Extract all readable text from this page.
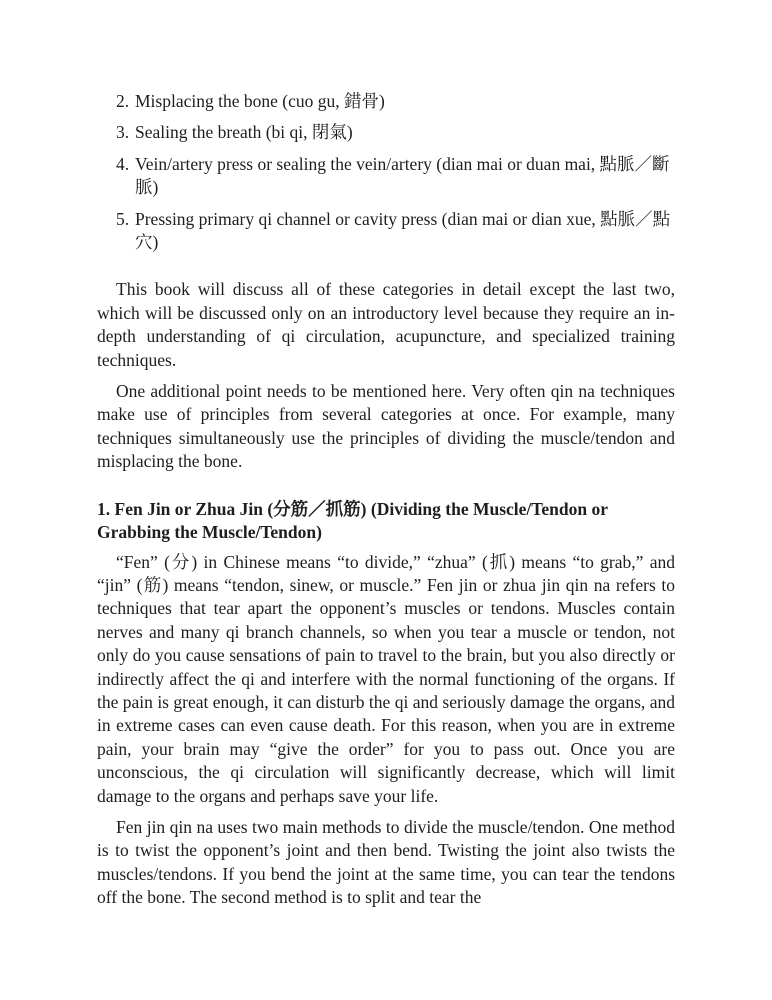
2. Misplacing the bone (cuo gu, 錯骨)
3. Sealing the breath (bi qi, 閉氣)
4. Vein/artery press or sealing the vein/artery (dian mai or duan mai, 點脈／斷脈)
5. Pressing primary qi channel or cavity press (dian mai or dian xue, 點脈／點穴)

This book will discuss all of these categories in detail except the last two, which will be discussed only on an introductory level because they require an in-depth understanding of qi circulation, acupuncture, and specialized training techniques.

One additional point needs to be mentioned here. Very often qin na techniques make use of principles from several categories at once. For example, many techniques simultaneously use the principles of dividing the muscle/tendon and misplacing the bone.

1. Fen Jin or Zhua Jin (分筋／抓筋) (Dividing the Muscle/Tendon or Grabbing the Muscle/Tendon)

“Fen” (分) in Chinese means “to divide,” “zhua” (抓) means “to grab,” and “jin” (筋) means “tendon, sinew, or muscle.” Fen jin or zhua jin qin na refers to techniques that tear apart the opponent’s muscles or tendons. Muscles contain nerves and many qi branch channels, so when you tear a muscle or tendon, not only do you cause sensations of pain to travel to the brain, but you also directly or indirectly affect the qi and interfere with the normal functioning of the organs. If the pain is great enough, it can disturb the qi and seriously damage the organs, and in extreme cases can even cause death. For this reason, when you are in extreme pain, your brain may “give the order” for you to pass out. Once you are unconscious, the qi circulation will significantly decrease, which will limit damage to the organs and perhaps save your life.

Fen jin qin na uses two main methods to divide the muscle/tendon. One method is to twist the opponent’s joint and then bend. Twisting the joint also twists the muscles/tendons. If you bend the joint at the same time, you can tear the tendons off the bone. The second method is to split and tear the
